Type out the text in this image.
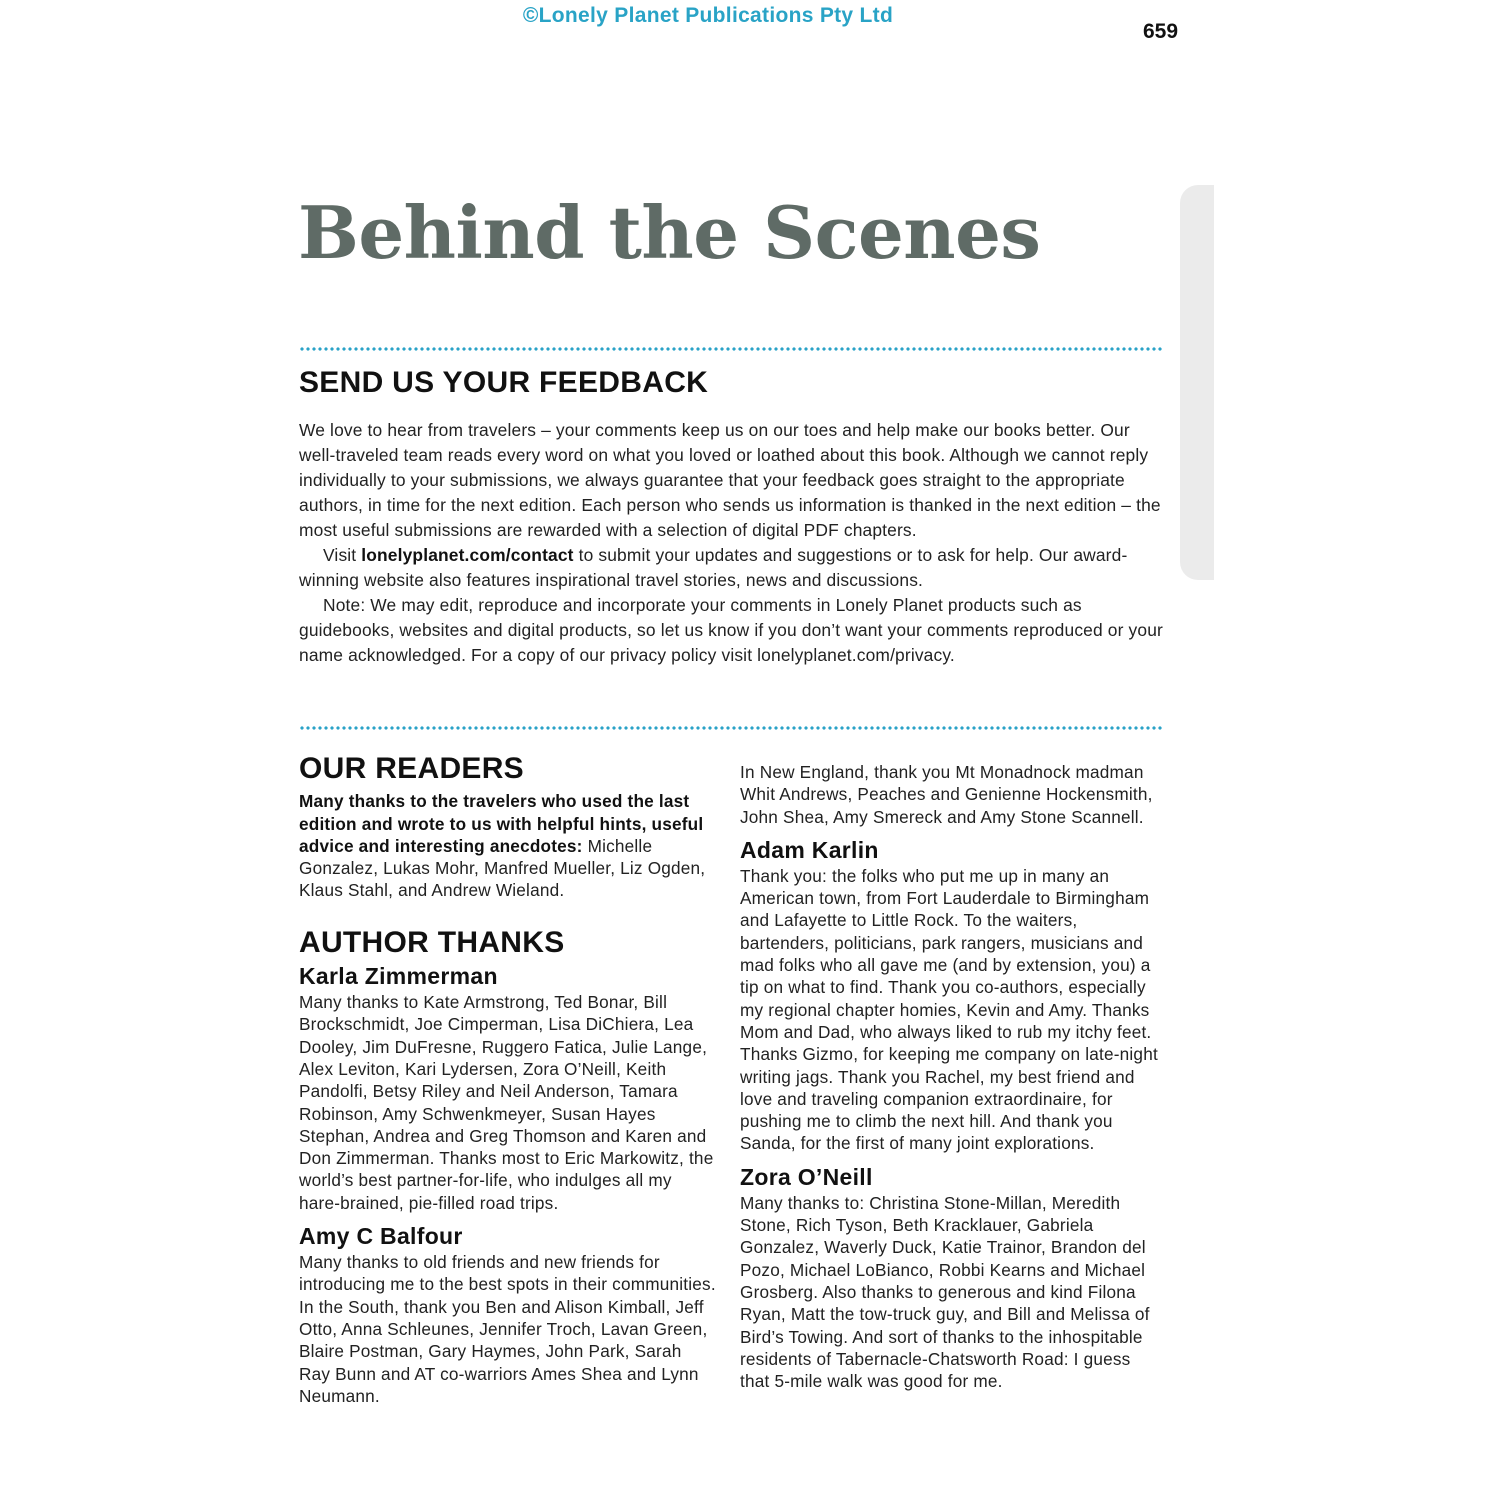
©Lonely Planet Publications Pty Ltd
659
Behind the Scenes
SEND US YOUR FEEDBACK

We love to hear from travelers – your comments keep us on our toes and help make our books better. Our well-traveled team reads every word on what you loved or loathed about this book. Although we cannot reply individually to your submissions, we always guarantee that your feedback goes straight to the appropriate authors, in time for the next edition. Each person who sends us information is thanked in the next edition – the most useful submissions are rewarded with a selection of digital PDF chapters.

Visit lonelyplanet.com/contact to submit your updates and suggestions or to ask for help. Our award-winning website also features inspirational travel stories, news and discussions.

Note: We may edit, reproduce and incorporate your comments in Lonely Planet products such as guidebooks, websites and digital products, so let us know if you don’t want your comments reproduced or your name acknowledged. For a copy of our privacy policy visit lonelyplanet.com/privacy.

OUR READERS

Many thanks to the travelers who used the last edition and wrote to us with helpful hints, useful advice and interesting anecdotes: Michelle Gonzalez, Lukas Mohr, Manfred Mueller, Liz Ogden, Klaus Stahl, and Andrew Wieland.

AUTHOR THANKS
Karla Zimmerman

Many thanks to Kate Armstrong, Ted Bonar, Bill Brockschmidt, Joe Cimperman, Lisa DiChiera, Lea Dooley, Jim DuFresne, Ruggero Fatica, Julie Lange, Alex Leviton, Kari Lydersen, Zora O’Neill, Keith Pandolfi, Betsy Riley and Neil Anderson, Tamara Robinson, Amy Schwenkmeyer, Susan Hayes Stephan, Andrea and Greg Thomson and Karen and Don Zimmerman. Thanks most to Eric Markowitz, the world’s best partner-for-life, who indulges all my hare-brained, pie-filled road trips.

Amy C Balfour

Many thanks to old friends and new friends for introducing me to the best spots in their communities. In the South, thank you Ben and Alison Kimball, Jeff Otto, Anna Schleunes, Jennifer Troch, Lavan Green, Blaire Postman, Gary Haymes, John Park, Sarah Ray Bunn and AT co-warriors Ames Shea and Lynn Neumann.

In New England, thank you Mt Monadnock madman Whit Andrews, Peaches and Genienne Hockensmith, John Shea, Amy Smereck and Amy Stone Scannell.

Adam Karlin

Thank you: the folks who put me up in many an American town, from Fort Lauderdale to Birmingham and Lafayette to Little Rock. To the waiters, bartenders, politicians, park rangers, musicians and mad folks who all gave me (and by extension, you) a tip on what to find. Thank you co-authors, especially my regional chapter homies, Kevin and Amy. Thanks Mom and Dad, who always liked to rub my itchy feet. Thanks Gizmo, for keeping me company on late-night writing jags. Thank you Rachel, my best friend and love and traveling companion extraordinaire, for pushing me to climb the next hill. And thank you Sanda, for the first of many joint explorations.

Zora O’Neill

Many thanks to: Christina Stone-Millan, Meredith Stone, Rich Tyson, Beth Kracklauer, Gabriela Gonzalez, Waverly Duck, Katie Trainor, Brandon del Pozo, Michael LoBianco, Robbi Kearns and Michael Grosberg. Also thanks to generous and kind Filona Ryan, Matt the tow-truck guy, and Bill and Melissa of Bird’s Towing. And sort of thanks to the inhospitable residents of Tabernacle-Chatsworth Road: I guess that 5-mile walk was good for me.
